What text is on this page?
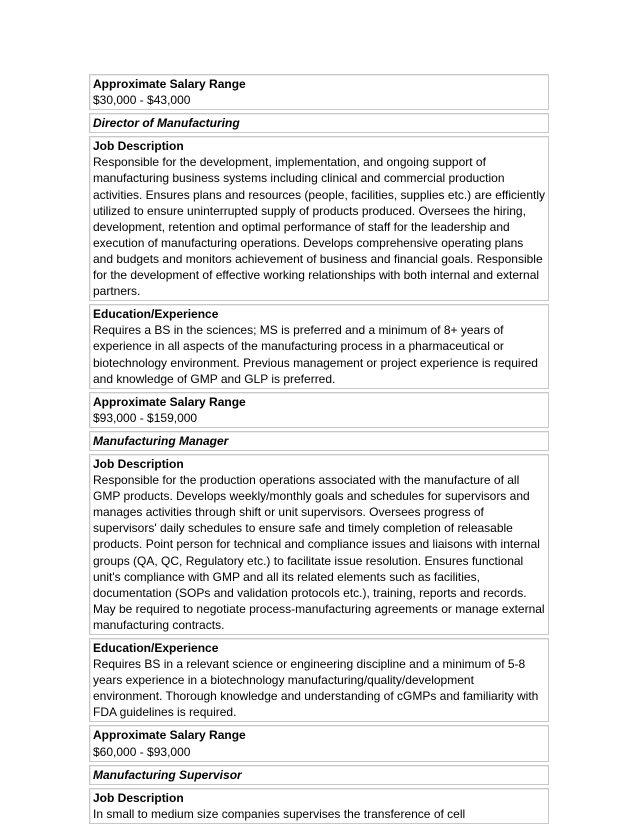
Approximate Salary Range
$30,000 - $43,000
Director of Manufacturing
Job Description
Responsible for the development, implementation, and ongoing support of manufacturing business systems including clinical and commercial production activities. Ensures plans and resources (people, facilities, supplies etc.) are efficiently utilized to ensure uninterrupted supply of products produced. Oversees the hiring, development, retention and optimal performance of staff for the leadership and execution of manufacturing operations. Develops comprehensive operating plans and budgets and monitors achievement of business and financial goals. Responsible for the development of effective working relationships with both internal and external partners.
Education/Experience
Requires a BS in the sciences; MS is preferred and a minimum of 8+ years of experience in all aspects of the manufacturing process in a pharmaceutical or biotechnology environment. Previous management or project experience is required and knowledge of GMP and GLP is preferred.
Approximate Salary Range
$93,000 - $159,000
Manufacturing Manager
Job Description
Responsible for the production operations associated with the manufacture of all GMP products. Develops weekly/monthly goals and schedules for supervisors and manages activities through shift or unit supervisors. Oversees progress of supervisors' daily schedules to ensure safe and timely completion of releasable products. Point person for technical and compliance issues and liaisons with internal groups (QA, QC, Regulatory etc.) to facilitate issue resolution. Ensures functional unit's compliance with GMP and all its related elements such as facilities, documentation (SOPs and validation protocols etc.), training, reports and records. May be required to negotiate process-manufacturing agreements or manage external manufacturing contracts.
Education/Experience
Requires BS in a relevant science or engineering discipline and a minimum of 5-8 years experience in a biotechnology manufacturing/quality/development environment. Thorough knowledge and understanding of cGMPs and familiarity with FDA guidelines is required.
Approximate Salary Range
$60,000 - $93,000
Manufacturing Supervisor
Job Description
In small to medium size companies supervises the transference of cell
